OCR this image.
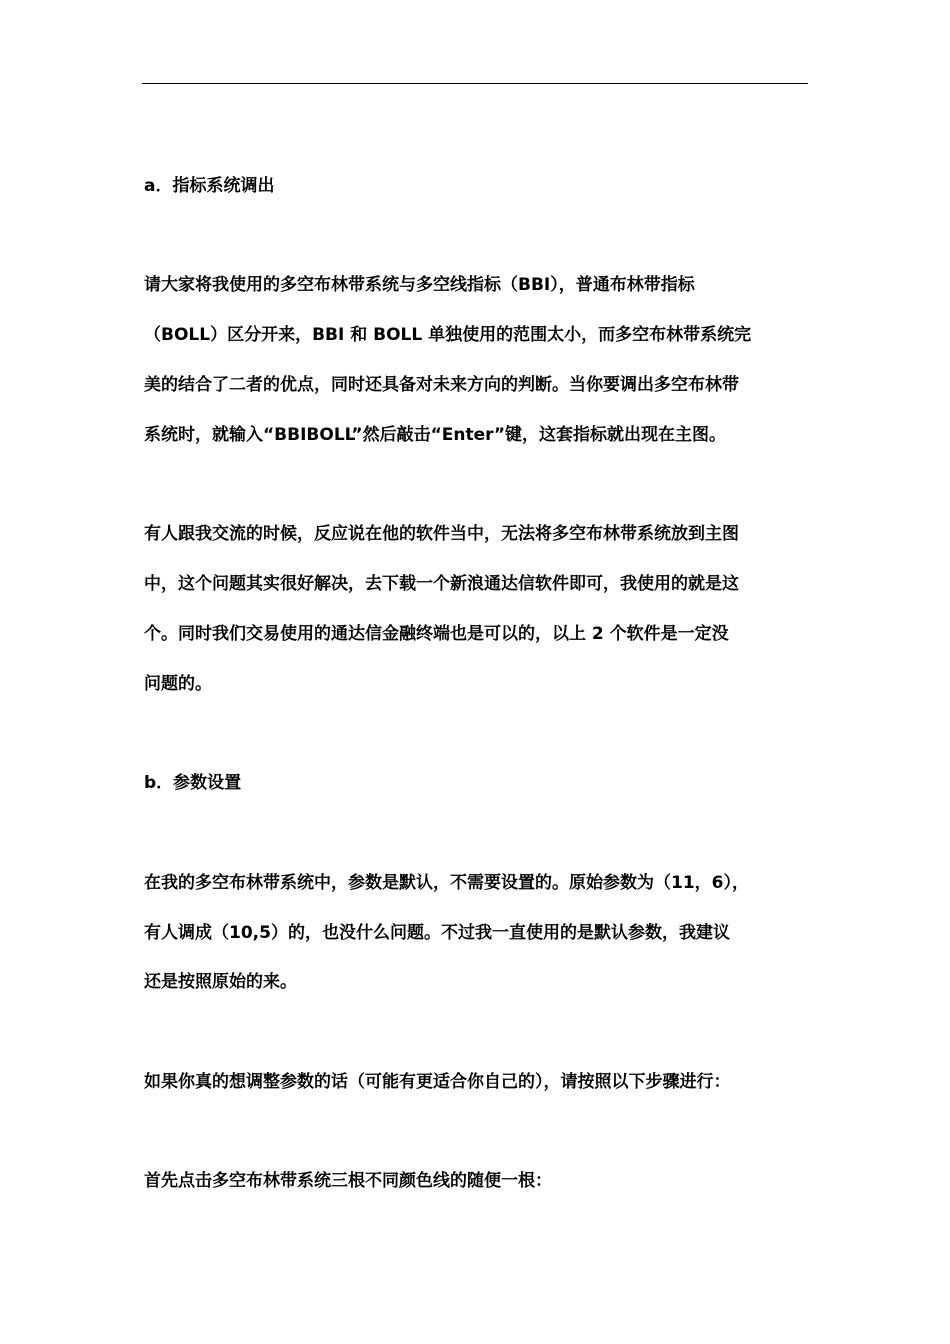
a．指标系统调出
请大家将我使用的多空布林带系统与多空线指标（BBI），普通布林带指标
（BOLL）区分开来，BBI 和 BOLL 单独使用的范围太小，而多空布林带系统完
美的结合了二者的优点，同时还具备对未来方向的判断。当你要调出多空布林带
系统时，就输入“BBIBOLL”然后敲击“Enter”键，这套指标就出现在主图。
有人跟我交流的时候，反应说在他的软件当中，无法将多空布林带系统放到主图
中，这个问题其实很好解决，去下载一个新浪通达信软件即可，我使用的就是这
个。同时我们交易使用的通达信金融终端也是可以的，以上 2 个软件是一定没
问题的。
b．参数设置
在我的多空布林带系统中，参数是默认，不需要设置的。原始参数为（11，6），
有人调成（10,5）的，也没什么问题。不过我一直使用的是默认参数，我建议
还是按照原始的来。
如果你真的想调整参数的话（可能有更适合你自己的），请按照以下步骤进行：
首先点击多空布林带系统三根不同颜色线的随便一根：
